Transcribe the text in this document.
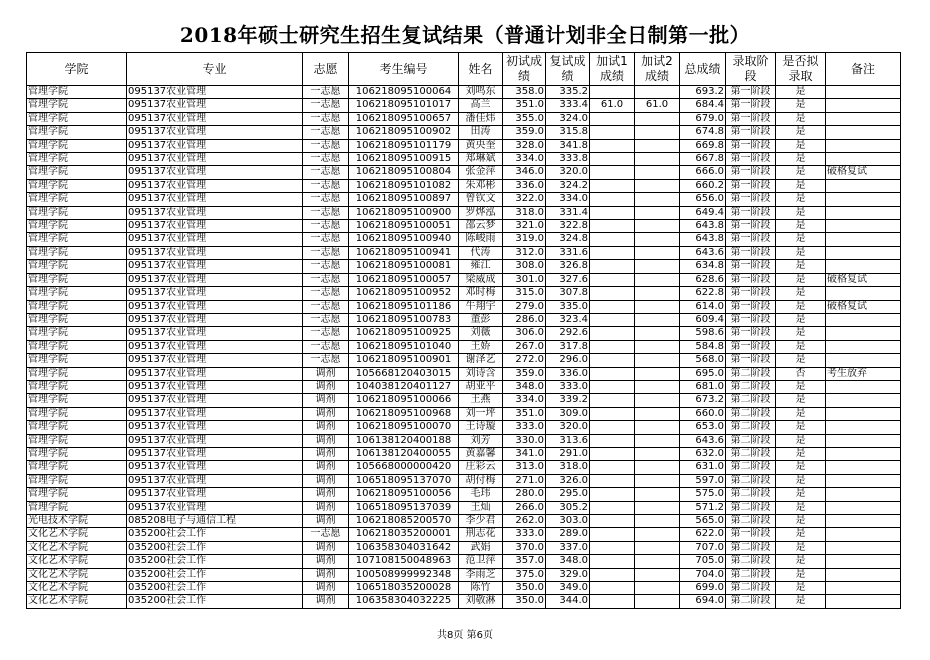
2018年硕士研究生招生复试结果（普通计划非全日制第一批）
学院	专业	志愿	考生编号	姓名	初试成绩	复试成绩	加试1成绩	加试2成绩	总成绩	录取阶段	是否拟录取	备注
管理学院	095137农业管理	一志愿	106218095100064	刘鸣东	358.0	335.2			693.2	第一阶段	是	
管理学院	095137农业管理	一志愿	106218095101017	高兰	351.0	333.4	61.0	61.0	684.4	第一阶段	是	
管理学院	095137农业管理	一志愿	106218095100657	潘佳炜	355.0	324.0			679.0	第一阶段	是	
管理学院	095137农业管理	一志愿	106218095100902	田涛	359.0	315.8			674.8	第一阶段	是	
管理学院	095137农业管理	一志愿	106218095101179	黄央奎	328.0	341.8			669.8	第一阶段	是	
管理学院	095137农业管理	一志愿	106218095100915	郑琳斌	334.0	333.8			667.8	第一阶段	是	
管理学院	095137农业管理	一志愿	106218095100804	张金萍	346.0	320.0			666.0	第一阶段	是	破格复试
管理学院	095137农业管理	一志愿	106218095101082	朱邓彬	336.0	324.2			660.2	第一阶段	是	
管理学院	095137农业管理	一志愿	106218095100897	曾钦文	322.0	334.0			656.0	第一阶段	是	
管理学院	095137农业管理	一志愿	106218095100900	罗烨泓	318.0	331.4			649.4	第一阶段	是	
管理学院	095137农业管理	一志愿	106218095100051	邵云梦	321.0	322.8			643.8	第一阶段	是	
管理学院	095137农业管理	一志愿	106218095100940	陈峻雨	319.0	324.8			643.8	第一阶段	是	
管理学院	095137农业管理	一志愿	106218095100941	代涛	312.0	331.6			643.6	第一阶段	是	
管理学院	095137农业管理	一志愿	106218095100081	雍江	308.0	326.8			634.8	第一阶段	是	
管理学院	095137农业管理	一志愿	106218095100057	梁威成	301.0	327.6			628.6	第一阶段	是	破格复试
管理学院	095137农业管理	一志愿	106218095100952	邓时梅	315.0	307.8			622.8	第一阶段	是	
管理学院	095137农业管理	一志愿	106218095101186	牛翔宇	279.0	335.0			614.0	第一阶段	是	破格复试
管理学院	095137农业管理	一志愿	106218095100783	董彭	286.0	323.4			609.4	第一阶段	是	
管理学院	095137农业管理	一志愿	106218095100925	刘薇	306.0	292.6			598.6	第一阶段	是	
管理学院	095137农业管理	一志愿	106218095101040	王娇	267.0	317.8			584.8	第一阶段	是	
管理学院	095137农业管理	一志愿	106218095100901	谢泽艺	272.0	296.0			568.0	第一阶段	是	
管理学院	095137农业管理	调剂	105668120403015	刘诗含	359.0	336.0			695.0	第二阶段	否	考生放弃
管理学院	095137农业管理	调剂	104038120401127	胡亚平	348.0	333.0			681.0	第二阶段	是	
管理学院	095137农业管理	调剂	106218095100066	王燕	334.0	339.2			673.2	第二阶段	是	
管理学院	095137农业管理	调剂	106218095100968	刘一坪	351.0	309.0			660.0	第二阶段	是	
管理学院	095137农业管理	调剂	106218095100070	王诗璇	333.0	320.0			653.0	第二阶段	是	
管理学院	095137农业管理	调剂	106138120400188	刘芳	330.0	313.6			643.6	第二阶段	是	
管理学院	095137农业管理	调剂	106138120400055	黄嘉馨	341.0	291.0			632.0	第二阶段	是	
管理学院	095137农业管理	调剂	105668000000420	庄彩云	313.0	318.0			631.0	第二阶段	是	
管理学院	095137农业管理	调剂	106518095137070	胡付梅	271.0	326.0			597.0	第二阶段	是	
管理学院	095137农业管理	调剂	106218095100056	毛玮	280.0	295.0			575.0	第二阶段	是	
管理学院	095137农业管理	调剂	106518095137039	王灿	266.0	305.2			571.2	第二阶段	是	
光电技术学院	085208电子与通信工程	调剂	106218085200570	李少君	262.0	303.0			565.0	第二阶段	是	
文化艺术学院	035200社会工作	一志愿	106218035200001	荆志花	333.0	289.0			622.0	第一阶段	是	
文化艺术学院	035200社会工作	调剂	106358304031642	武娟	370.0	337.0			707.0	第二阶段	是	
文化艺术学院	035200社会工作	调剂	107108150048963	范卫萍	357.0	348.0			705.0	第二阶段	是	
文化艺术学院	035200社会工作	调剂	100508999992348	李雨芝	375.0	329.0			704.0	第二阶段	是	
文化艺术学院	035200社会工作	调剂	106518035200028	陈竹	350.0	349.0			699.0	第二阶段	是	
文化艺术学院	035200社会工作	调剂	106358304032225	刘敬淋	350.0	344.0			694.0	第二阶段	是	
共8页 第6页
